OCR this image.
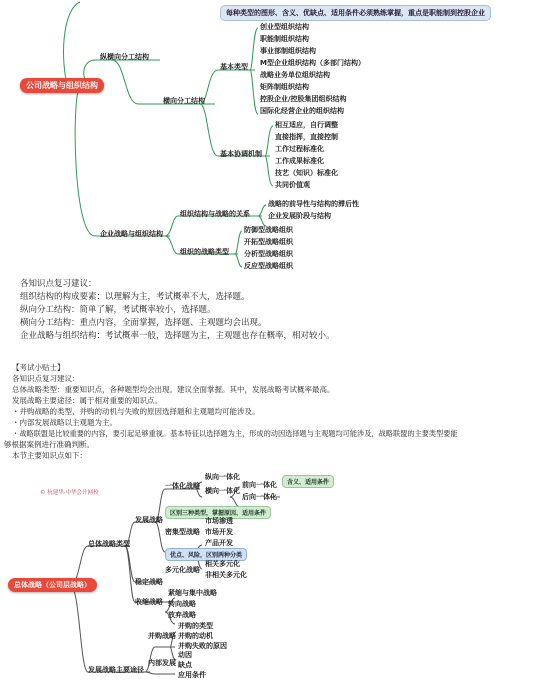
公司战略与组织结构
每种类型的图形、含义、优缺点、适用条件必须熟练掌握，重点是职能制到控股企业
纵横向分工结构
横向分工结构
基本类型
创业型组织结构
职能制组织结构
事业部制组织结构
M型企业组织结构（多部门结构）
战略业务单位组织结构
矩阵制组织结构
控股企业/控股集团组织结构
国际化经营企业的组织结构
基本协调机制
相互适应，自行调整
直接指挥，直接控制
工作过程标准化
工作成果标准化
技艺（知识）标准化
共同价值观
企业战略与组织结构
组织结构与战略的关系
战略的前导性与结构的滞后性
企业发展阶段与结构
组织的战略类型
防御型战略组织
开拓型战略组织
分析型战略组织
反应型战略组织
各知识点复习建议：
组织结构的构成要素：以理解为主，考试概率不大，选择题。
纵向分工结构：简单了解，考试概率较小，选择题。
横向分工结构：重点内容，全面掌握，选择题、主观题均会出现。
企业战略与组织结构：考试概率一般，选择题为主，主观题也存在概率，相对较小。
【考试小贴士】
各知识点复习建议：
总体战略类型：重要知识点，各种题型均会出现。建议全面掌握。其中，发展战略考试概率最高。
发展战略主要途径：属于相对重要的知识点。
・并购战略的类型、并购的动机与失败的原因选择题和主观题均可能涉及。
・内部发展战略以主观题为主。
・战略联盟是比较重要的内容，要引起足够重视。基本特征以选择题为主，形成的动因选择题与主观题均可能涉及，战略联盟的主要类型要能
够根据案例进行准确判断。
本节主要知识点如下：
© 杭建华·中华会计网校
总体战略（公司层战略）
总体战略类型
发展战略
一体化战略
纵向一体化
横向一体化
前向一体化
后向一体化
含义、适用条件
区别三种类型，掌握原因、适用条件
密集型战略
市场渗透
市场开发
产品开发
优点、风险，区别两种分类
多元化战略
相关多元化
非相关多元化
稳定战略
收缩战略
紧缩与集中战略
转向战略
放弃战略
发展战略主要途径
并购战略
并购的类型
并购的动机
并购失败的原因
内部发展
动因
缺点
应用条件
